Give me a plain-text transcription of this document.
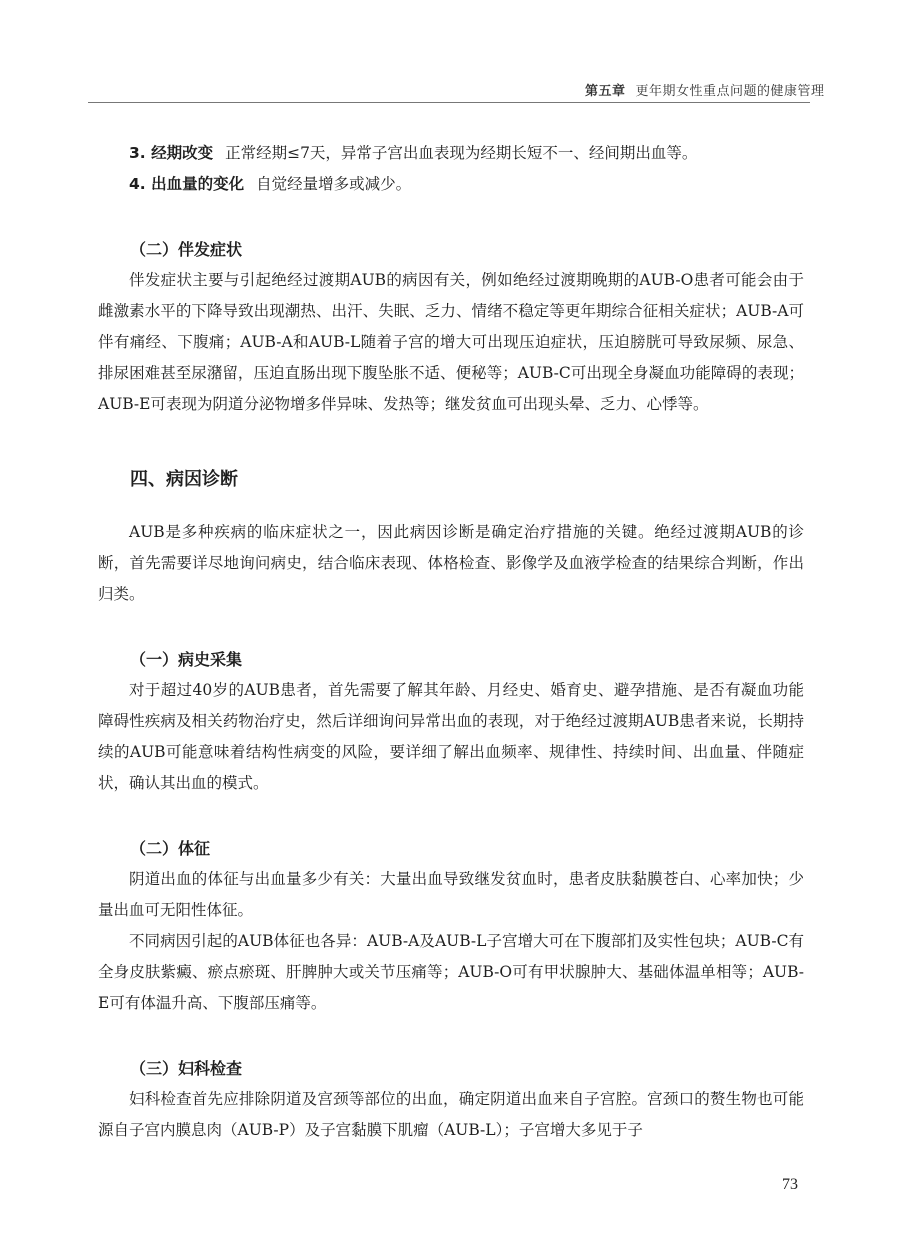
第五章 更年期女性重点问题的健康管理

3. 经期改变 正常经期≤7天，异常子宫出血表现为经期长短不一、经间期出血等。

4. 出血量的变化 自觉经量增多或减少。

（二）伴发症状

伴发症状主要与引起绝经过渡期AUB的病因有关，例如绝经过渡期晚期的AUB-O患者可能会由于雌激素水平的下降导致出现潮热、出汗、失眠、乏力、情绪不稳定等更年期综合征相关症状；AUB-A可伴有痛经、下腹痛；AUB-A和AUB-L随着子宫的增大可出现压迫症状，压迫膀胱可导致尿频、尿急、排尿困难甚至尿潴留，压迫直肠出现下腹坠胀不适、便秘等；AUB-C可出现全身凝血功能障碍的表现；AUB-E可表现为阴道分泌物增多伴异味、发热等；继发贫血可出现头晕、乏力、心悸等。

四、病因诊断

AUB是多种疾病的临床症状之一，因此病因诊断是确定治疗措施的关键。绝经过渡期AUB的诊断，首先需要详尽地询问病史，结合临床表现、体格检查、影像学及血液学检查的结果综合判断，作出归类。

（一）病史采集

对于超过40岁的AUB患者，首先需要了解其年龄、月经史、婚育史、避孕措施、是否有凝血功能障碍性疾病及相关药物治疗史，然后详细询问异常出血的表现，对于绝经过渡期AUB患者来说，长期持续的AUB可能意味着结构性病变的风险，要详细了解出血频率、规律性、持续时间、出血量、伴随症状，确认其出血的模式。

（二）体征

阴道出血的体征与出血量多少有关：大量出血导致继发贫血时，患者皮肤黏膜苍白、心率加快；少量出血可无阳性体征。

不同病因引起的AUB体征也各异：AUB-A及AUB-L子宫增大可在下腹部扪及实性包块；AUB-C有全身皮肤紫癜、瘀点瘀斑、肝脾肿大或关节压痛等；AUB-O可有甲状腺肿大、基础体温单相等；AUB-E可有体温升高、下腹部压痛等。

（三）妇科检查

妇科检查首先应排除阴道及宫颈等部位的出血，确定阴道出血来自子宫腔。宫颈口的赘生物也可能源自子宫内膜息肉（AUB-P）及子宫黏膜下肌瘤（AUB-L）；子宫增大多见于子

73
